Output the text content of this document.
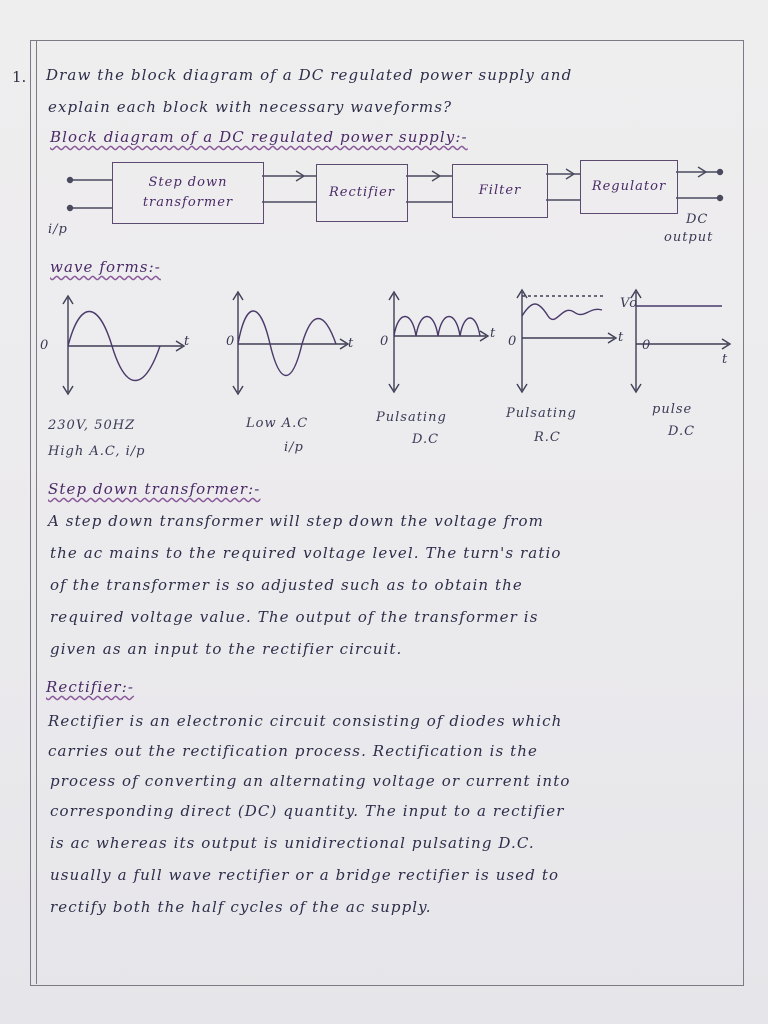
1. Draw the block diagram of a DC regulated power supply and
explain each block with necessary waveforms?
Block diagram of a DC regulated power supply:-
Step down transformer
Rectifier	Filter	Regulator
i/p
DC
output
wave forms:-
0	t	0	t 0
t
0	t
0
Vo
t
230V, 50HZ
High A.C, i/p
Low A.C
i/p
Pulsating
D.C
Pulsating
R.C
pulse
D.C
Step down transformer:-
A step down transformer will step down the voltage from
the ac mains to the required voltage level. The turn's ratio
of the transformer is so adjusted such as to obtain the
required voltage value. The output of the transformer is
given as an input to the rectifier circuit.
Rectifier:-
Rectifier is an electronic circuit consisting of diodes which
carries out the rectification process. Rectification is the
process of converting an alternating voltage or current into
corresponding direct (DC) quantity. The input to a rectifier
is ac whereas its output is unidirectional pulsating D.C.
usually a full wave rectifier or a bridge rectifier is used to
rectify both the half cycles of the ac supply.
